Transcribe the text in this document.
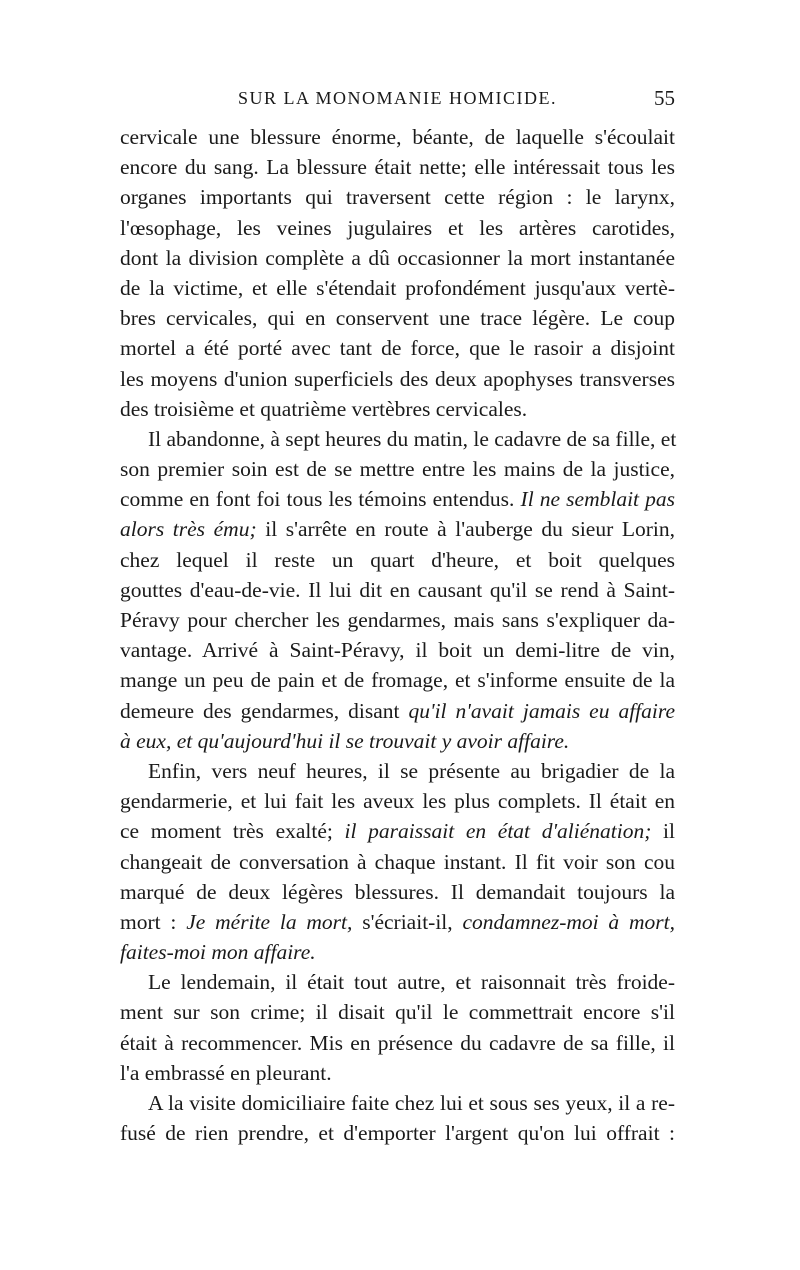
SUR LA MONOMANIE HOMICIDE.	55
cervicale une blessure énorme, béante, de laquelle s'écoulait
encore du sang. La blessure était nette; elle intéressait tous les
organes importants qui traversent cette région : le larynx,
l'œsophage, les veines jugulaires et les artères carotides,
dont la division complète a dû occasionner la mort instantanée
de la victime, et elle s'étendait profondément jusqu'aux vertè-
bres cervicales, qui en conservent une trace légère. Le coup
mortel a été porté avec tant de force, que le rasoir a disjoint
les moyens d'union superficiels des deux apophyses transverses
des troisième et quatrième vertèbres cervicales.
Il abandonne, à sept heures du matin, le cadavre de sa fille, et
son premier soin est de se mettre entre les mains de la justice,
comme en font foi tous les témoins entendus. Il ne semblait pas
alors très ému; il s'arrête en route à l'auberge du sieur Lorin,
chez lequel il reste un quart d'heure, et boit quelques
gouttes d'eau-de-vie. Il lui dit en causant qu'il se rend à Saint-
Péravy pour chercher les gendarmes, mais sans s'expliquer da-
vantage. Arrivé à Saint-Péravy, il boit un demi-litre de vin,
mange un peu de pain et de fromage, et s'informe ensuite de la
demeure des gendarmes, disant qu'il n'avait jamais eu affaire
à eux, et qu'aujourd'hui il se trouvait y avoir affaire.
Enfin, vers neuf heures, il se présente au brigadier de la
gendarmerie, et lui fait les aveux les plus complets. Il était en
ce moment très exalté; il paraissait en état d'aliénation; il
changeait de conversation à chaque instant. Il fit voir son cou
marqué de deux légères blessures. Il demandait toujours la
mort : Je mérite la mort, s'écriait-il, condamnez-moi à mort,
faites-moi mon affaire.
Le lendemain, il était tout autre, et raisonnait très froide-
ment sur son crime; il disait qu'il le commettrait encore s'il
était à recommencer. Mis en présence du cadavre de sa fille, il
l'a embrassé en pleurant.
A la visite domiciliaire faite chez lui et sous ses yeux, il a re-
fusé de rien prendre, et d'emporter l'argent qu'on lui offrait :
